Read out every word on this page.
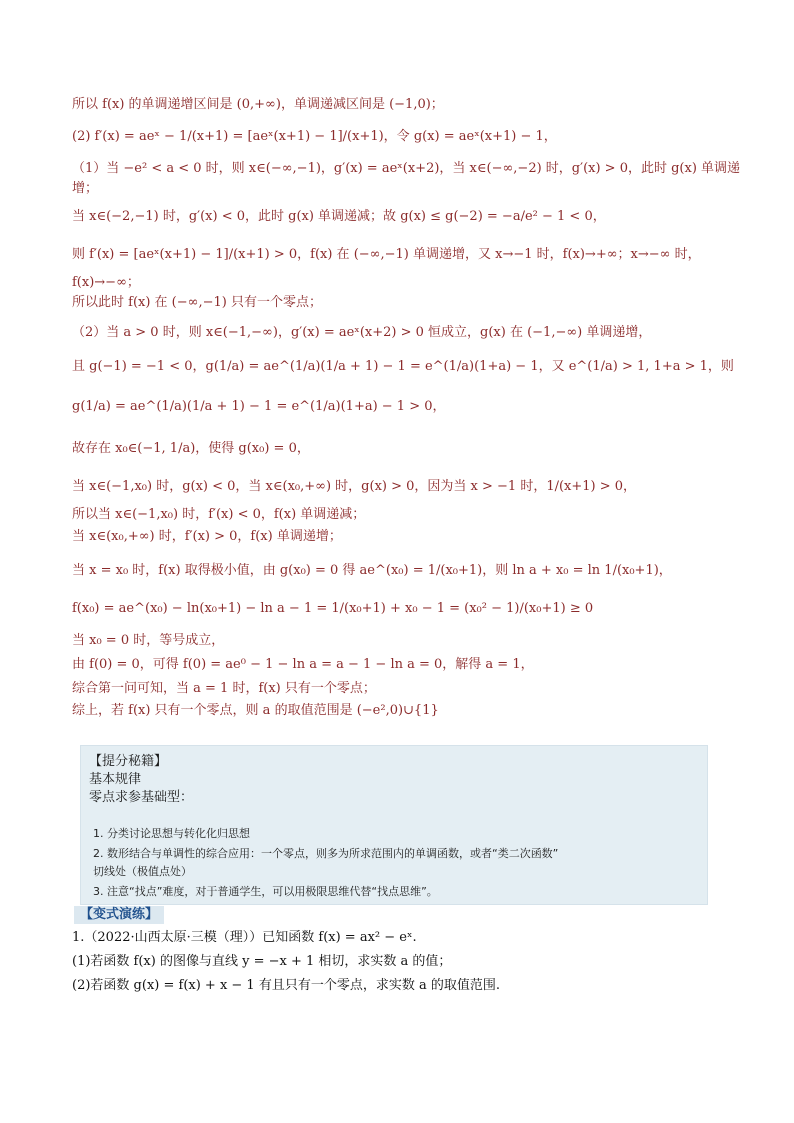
所以 f(x) 的单调递增区间是 (0,+∞)，单调递减区间是 (−1,0)；
(2) f′(x) = aeˣ − 1/(x+1) = [aeˣ(x+1) − 1]/(x+1)，令 g(x) = aeˣ(x+1) − 1，
（1）当 −e² < a < 0 时，则 x∈(−∞,−1)，g′(x) = aeˣ(x+2)，当 x∈(−∞,−2) 时，g′(x) > 0，此时 g(x) 单调递
增；
当 x∈(−2,−1) 时，g′(x) < 0，此时 g(x) 单调递减；故 g(x) ≤ g(−2) = −a/e² − 1 < 0，
则 f′(x) = [aeˣ(x+1) − 1]/(x+1) > 0，f(x) 在 (−∞,−1) 单调递增，又 x→−1 时，f(x)→+∞；x→−∞ 时，
f(x)→−∞；
所以此时 f(x) 在 (−∞,−1) 只有一个零点；
（2）当 a > 0 时，则 x∈(−1,−∞)，g′(x) = aeˣ(x+2) > 0 恒成立，g(x) 在 (−1,−∞) 单调递增，
且 g(−1) = −1 < 0，g(1/a) = ae^(1/a)(1/a + 1) − 1 = e^(1/a)(1+a) − 1，又 e^(1/a) > 1, 1+a > 1，则
g(1/a) = ae^(1/a)(1/a + 1) − 1 = e^(1/a)(1+a) − 1 > 0，
故存在 x₀∈(−1, 1/a)，使得 g(x₀) = 0，
当 x∈(−1,x₀) 时，g(x) < 0，当 x∈(x₀,+∞) 时，g(x) > 0，因为当 x > −1 时，1/(x+1) > 0，
所以当 x∈(−1,x₀) 时，f′(x) < 0，f(x) 单调递减；
当 x∈(x₀,+∞) 时，f′(x) > 0，f(x) 单调递增；
当 x = x₀ 时，f(x) 取得极小值，由 g(x₀) = 0 得 ae^(x₀) = 1/(x₀+1)，则 ln a + x₀ = ln 1/(x₀+1)，
f(x₀) = ae^(x₀) − ln(x₀+1) − ln a − 1 = 1/(x₀+1) + x₀ − 1 = (x₀² − 1)/(x₀+1) ≥ 0
当 x₀ = 0 时，等号成立，
由 f(0) = 0，可得 f(0) = ae⁰ − 1 − ln a = a − 1 − ln a = 0，解得 a = 1，
综合第一问可知，当 a = 1 时，f(x) 只有一个零点；
综上，若 f(x) 只有一个零点，则 a 的取值范围是 (−e²,0)∪{1}
【提分秘籍】
基本规律
零点求参基础型：
1. 分类讨论思想与转化化归思想
2. 数形结合与单调性的综合应用：一个零点，则多为所求范围内的单调函数，或者“类二次函数”
切线处（极值点处）
3. 注意“找点”难度，对于普通学生，可以用极限思维代替“找点思维”。
【变式演练】
1.（2022·山西太原·三模（理））已知函数 f(x) = ax² − eˣ.
(1)若函数 f(x) 的图像与直线 y = −x + 1 相切，求实数 a 的值；
(2)若函数 g(x) = f(x) + x − 1 有且只有一个零点，求实数 a 的取值范围.
